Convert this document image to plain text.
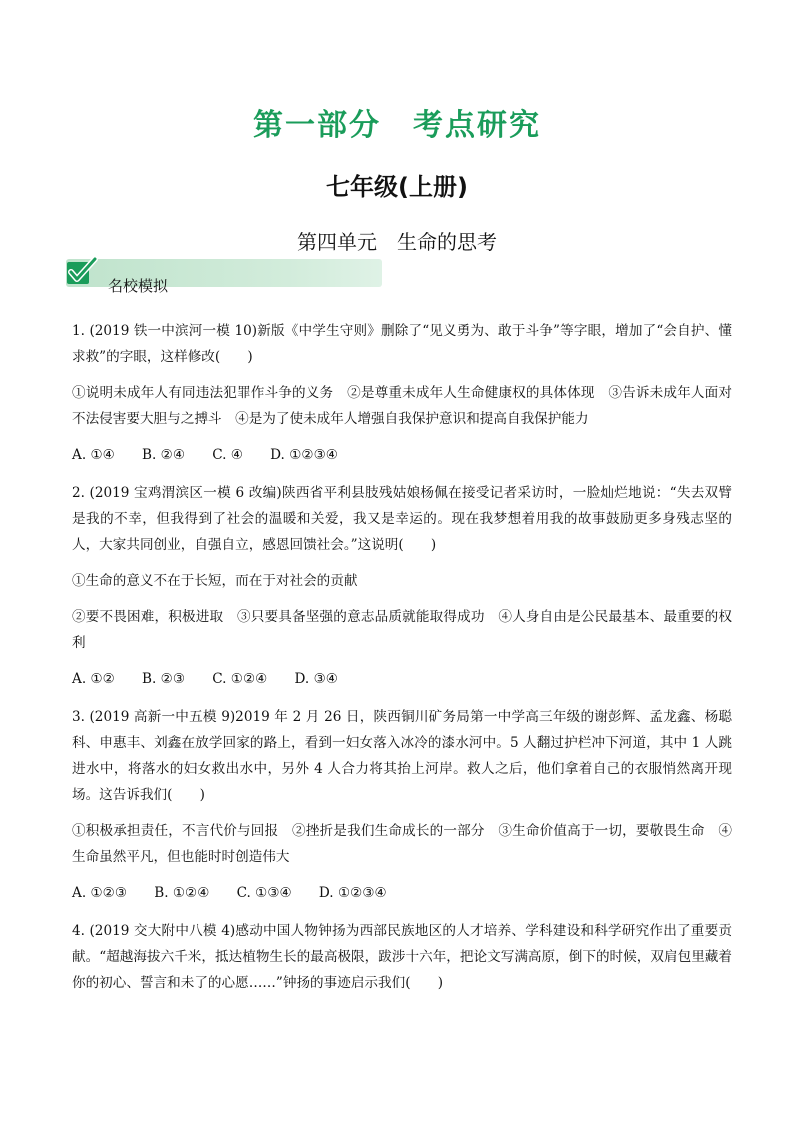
第一部分　考点研究
七年级(上册)
第四单元　生命的思考
名校模拟

1. (2019 铁一中滨河一模 10)新版《中学生守则》删除了“见义勇为、敢于斗争”等字眼，增加了“会自护、懂求救”的字眼，这样修改(　　)

①说明未成年人有同违法犯罪作斗争的义务　②是尊重未成年人生命健康权的具体体现　③告诉未成年人面对不法侵害要大胆与之搏斗　④是为了使未成年人增强自我保护意识和提高自我保护能力

A. ①④　　B. ②④　　C. ④　　D. ①②③④

2. (2019 宝鸡渭滨区一模 6 改编)陕西省平利县肢残姑娘杨佩在接受记者采访时，一脸灿烂地说：“失去双臂是我的不幸，但我得到了社会的温暖和关爱，我又是幸运的。现在我梦想着用我的故事鼓励更多身残志坚的人，大家共同创业，自强自立，感恩回馈社会。”这说明(　　)

①生命的意义不在于长短，而在于对社会的贡献

②要不畏困难，积极进取　③只要具备坚强的意志品质就能取得成功　④人身自由是公民最基本、最重要的权利

A. ①②　　B. ②③　　C. ①②④　　D. ③④

3. (2019 高新一中五模 9)2019 年 2 月 26 日，陕西铜川矿务局第一中学高三年级的谢彭辉、孟龙鑫、杨聪科、申惠丰、刘鑫在放学回家的路上，看到一妇女落入冰冷的漆水河中。5 人翻过护栏冲下河道，其中 1 人跳进水中，将落水的妇女救出水中，另外 4 人合力将其抬上河岸。救人之后，他们拿着自己的衣服悄然离开现场。这告诉我们(　　)

①积极承担责任，不言代价与回报　②挫折是我们生命成长的一部分　③生命价值高于一切，要敬畏生命　④生命虽然平凡，但也能时时创造伟大

A. ①②③　　B. ①②④　　C. ①③④　　D. ①②③④

4. (2019 交大附中八模 4)感动中国人物钟扬为西部民族地区的人才培养、学科建设和科学研究作出了重要贡献。“超越海拔六千米，抵达植物生长的最高极限，跋涉十六年，把论文写满高原，倒下的时候，双肩包里藏着你的初心、誓言和未了的心愿……”钟扬的事迹启示我们(　　)
